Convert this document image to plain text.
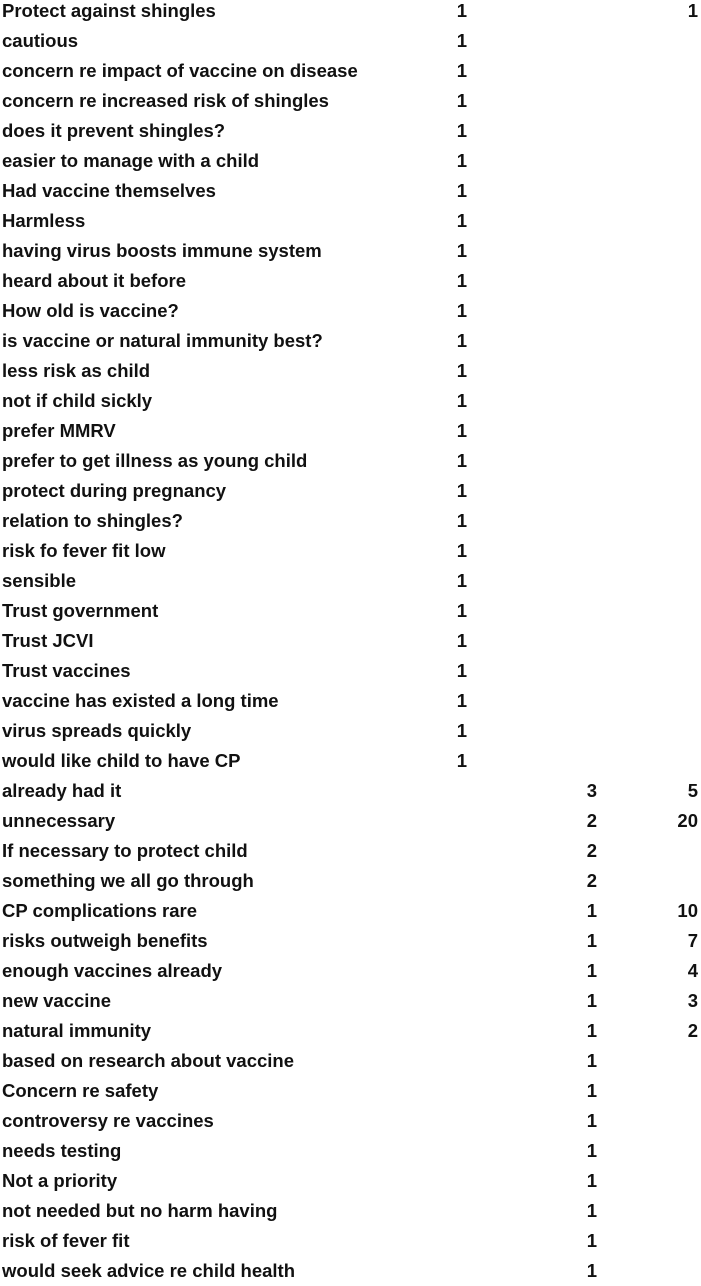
Protect against shingles	1	1
cautious	1
concern re impact of vaccine on disease	1
concern re increased risk of shingles	1
does it prevent shingles?	1
easier to manage with a child	1
Had vaccine themselves	1
Harmless	1
having virus boosts immune system	1
heard about it before	1
How old is vaccine?	1
is vaccine or natural immunity best?	1
less risk as child	1
not if child sickly	1
prefer MMRV	1
prefer to get illness as young child	1
protect during pregnancy	1
relation to shingles?	1
risk fo fever fit low	1
sensible	1
Trust government	1
Trust JCVI	1
Trust vaccines	1
vaccine has existed a long time	1
virus spreads quickly	1
would like child to have CP	1
already had it	3	5
unnecessary	2	20
If necessary to protect child	2
something we all go through	2
CP complications rare	1	10
risks outweigh benefits	1	7
enough vaccines already	1	4
new vaccine	1	3
natural immunity	1	2
based on research about vaccine	1
Concern re safety	1
controversy re vaccines	1
needs testing	1
Not a priority	1
not needed but no harm having	1
risk of fever fit	1
would seek advice re child health	1
